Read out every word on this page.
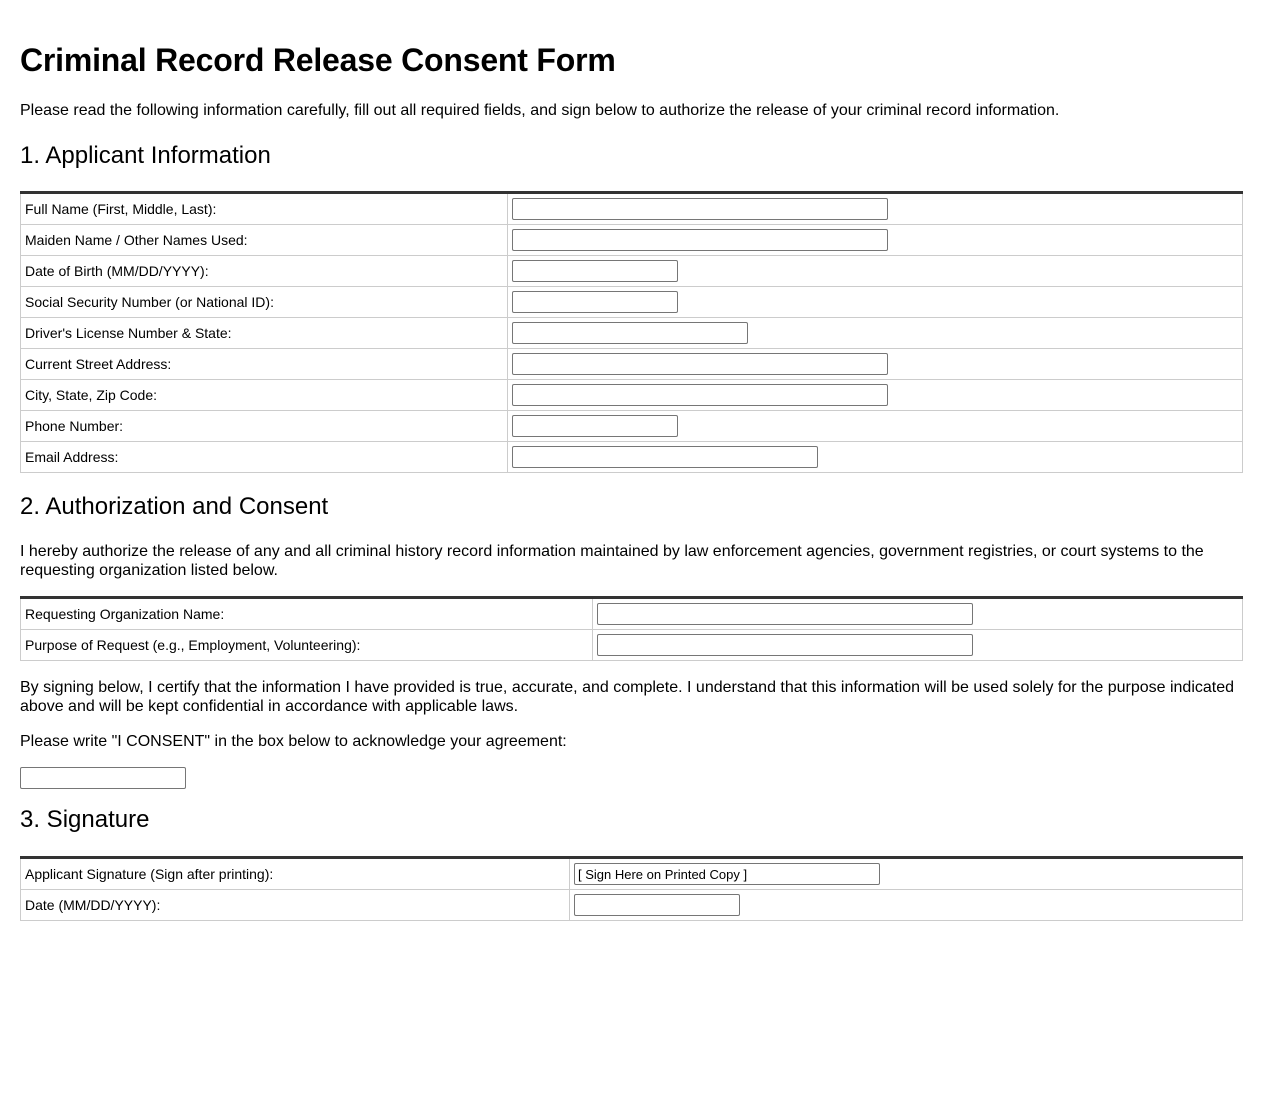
Criminal Record Release Consent Form

Please read the following information carefully, fill out all required fields, and sign below to authorize the release of your criminal record information.

1. Applicant Information
Full Name (First, Middle, Last):	

Maiden Name / Other Names Used:	

Date of Birth (MM/DD/YYYY):	

Social Security Number (or National ID):	

Driver's License Number & State:	

Current Street Address:	

City, State, Zip Code:	

Phone Number:	

Email Address:	
2. Authorization and Consent

I hereby authorize the release of any and all criminal history record information maintained by law enforcement agencies, government registries, or court systems to the requesting organization listed below.

Requesting Organization Name:	

Purpose of Request (e.g., Employment, Volunteering):	

By signing below, I certify that the information I have provided is true, accurate, and complete. I understand that this information will be used solely for the purpose indicated above and will be kept confidential in accordance with applicable laws.

Please write "I CONSENT" in the box below to acknowledge your agreement:

3. Signature
Applicant Signature (Sign after printing):	
[ Sign Here on Printed Copy ]
Date (MM/DD/YYYY):	
